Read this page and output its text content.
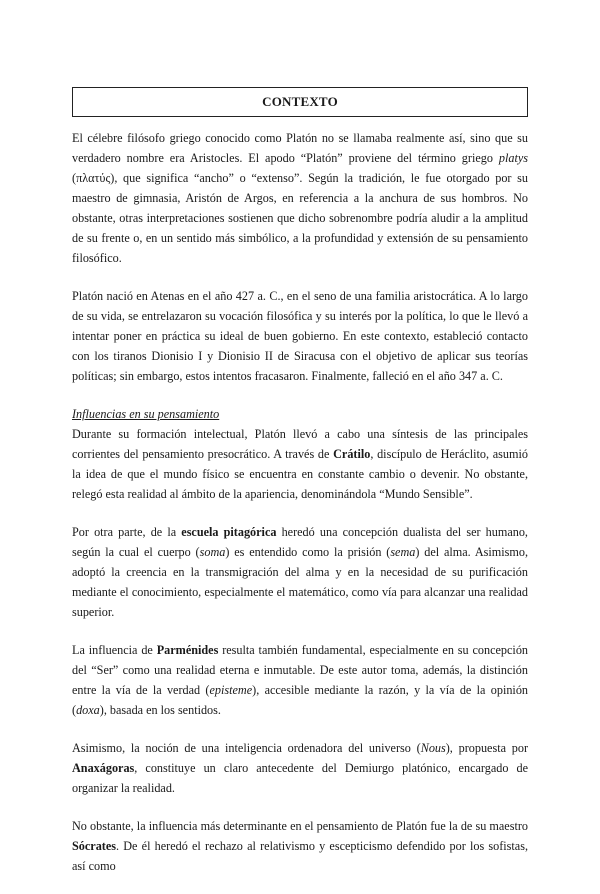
CONTEXTO

El célebre filósofo griego conocido como Platón no se llamaba realmente así, sino que su verdadero nombre era Aristocles. El apodo “Platón” proviene del término griego platys (πλατύς), que significa “ancho” o “extenso”. Según la tradición, le fue otorgado por su maestro de gimnasia, Aristón de Argos, en referencia a la anchura de sus hombros. No obstante, otras interpretaciones sostienen que dicho sobrenombre podría aludir a la amplitud de su frente o, en un sentido más simbólico, a la profundidad y extensión de su pensamiento filosófico.

Platón nació en Atenas en el año 427 a. C., en el seno de una familia aristocrática. A lo largo de su vida, se entrelazaron su vocación filosófica y su interés por la política, lo que le llevó a intentar poner en práctica su ideal de buen gobierno. En este contexto, estableció contacto con los tiranos Dionisio I y Dionisio II de Siracusa con el objetivo de aplicar sus teorías políticas; sin embargo, estos intentos fracasaron. Finalmente, falleció en el año 347 a. C.

Influencias en su pensamiento

Durante su formación intelectual, Platón llevó a cabo una síntesis de las principales corrientes del pensamiento presocrático. A través de Crátilo, discípulo de Heráclito, asumió la idea de que el mundo físico se encuentra en constante cambio o devenir. No obstante, relegó esta realidad al ámbito de la apariencia, denominándola “Mundo Sensible”.

Por otra parte, de la escuela pitagórica heredó una concepción dualista del ser humano, según la cual el cuerpo (soma) es entendido como la prisión (sema) del alma. Asimismo, adoptó la creencia en la transmigración del alma y en la necesidad de su purificación mediante el conocimiento, especialmente el matemático, como vía para alcanzar una realidad superior.

La influencia de Parménides resulta también fundamental, especialmente en su concepción del “Ser” como una realidad eterna e inmutable. De este autor toma, además, la distinción entre la vía de la verdad (episteme), accesible mediante la razón, y la vía de la opinión (doxa), basada en los sentidos.

Asimismo, la noción de una inteligencia ordenadora del universo (Nous), propuesta por Anaxágoras, constituye un claro antecedente del Demiurgo platónico, encargado de organizar la realidad.

No obstante, la influencia más determinante en el pensamiento de Platón fue la de su maestro Sócrates. De él heredó el rechazo al relativismo y escepticismo defendido por los sofistas, así como
